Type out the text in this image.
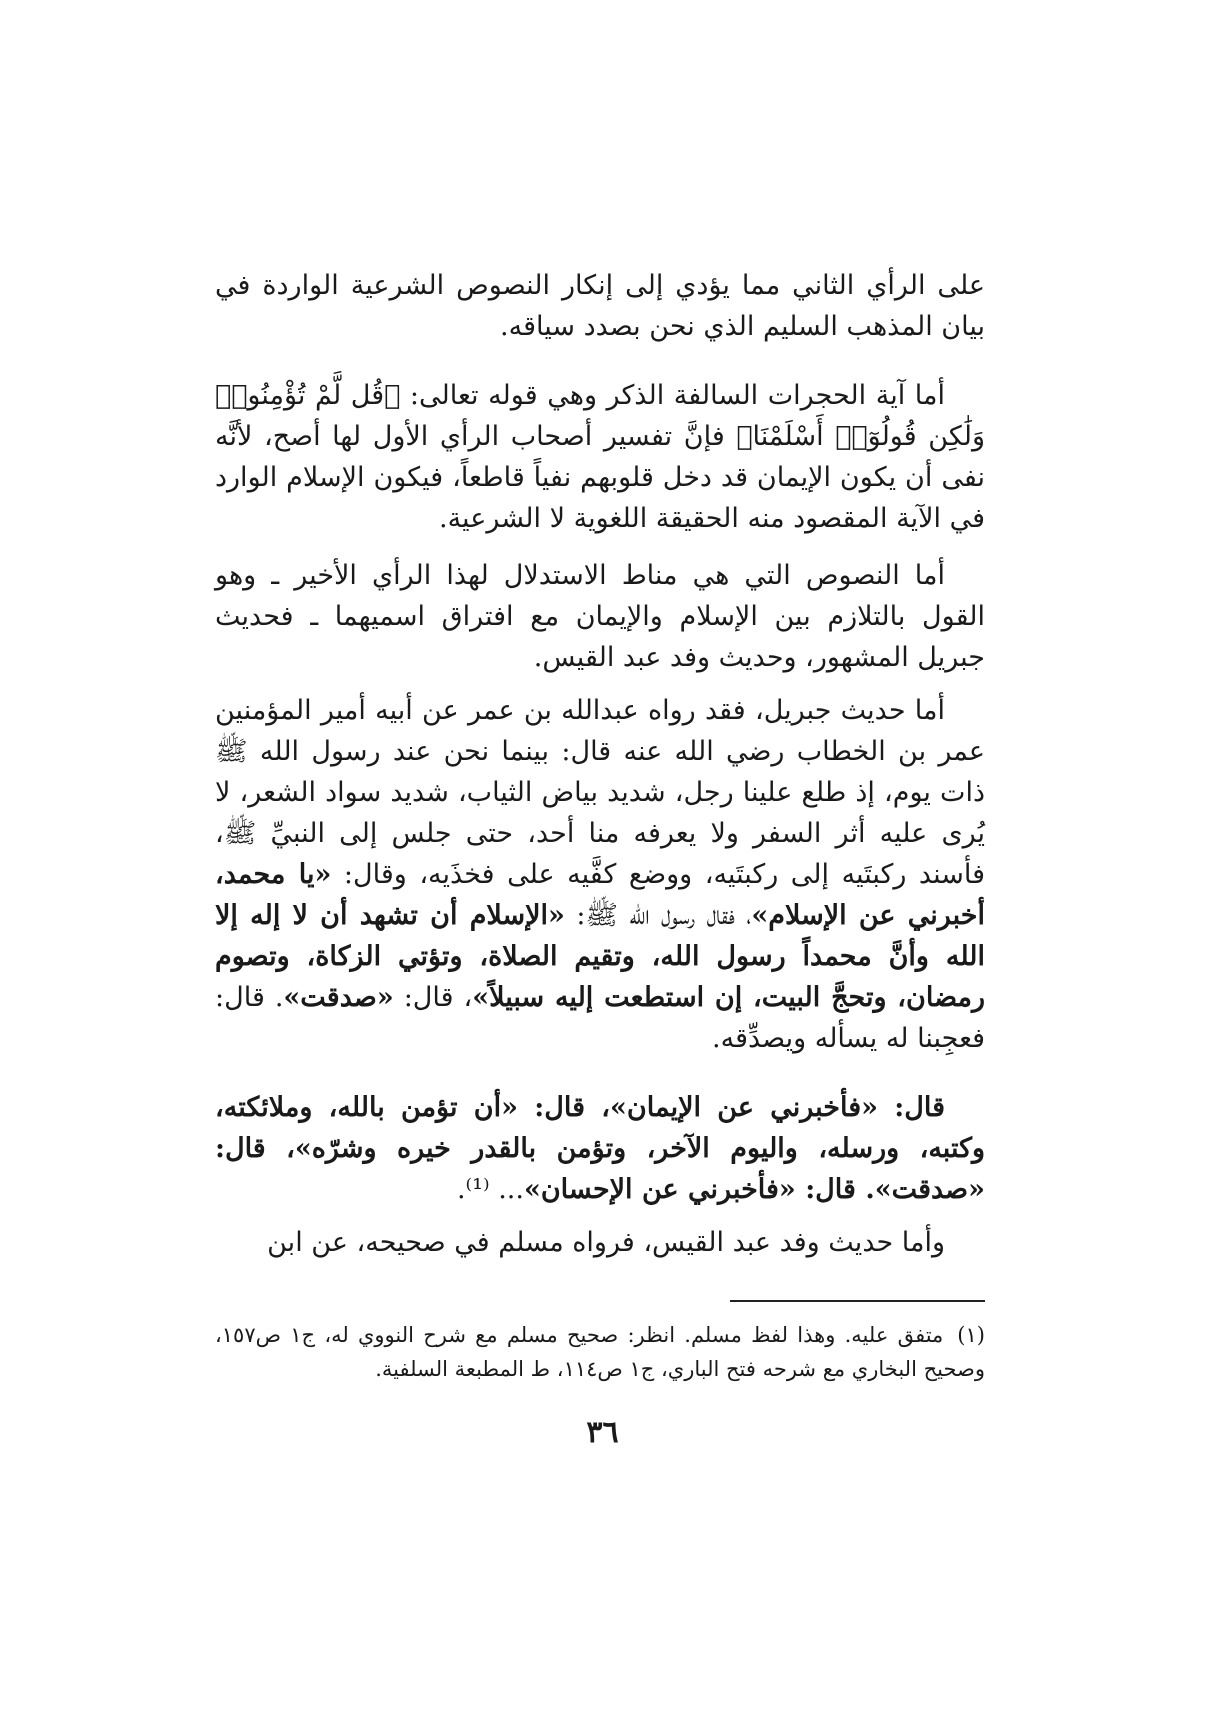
على الرأي الثاني مما يؤدي إلى إنكار النصوص الشرعية الواردة في بيان المذهب السليم الذي نحن بصدد سياقه.

أما آية الحجرات السالفة الذكر وهي قوله تعالى: ﴿قُل لَّمْ تُؤْمِنُوا۟ وَلَٰكِن قُولُوٓا۟ أَسْلَمْنَا﴾ فإنَّ تفسير أصحاب الرأي الأول لها أصح، لأنَّه نفى أن يكون الإيمان قد دخل قلوبهم نفياً قاطعاً، فيكون الإسلام الوارد في الآية المقصود منه الحقيقة اللغوية لا الشرعية.

أما النصوص التي هي مناط الاستدلال لهذا الرأي الأخير ـ وهو القول بالتلازم بين الإسلام والإيمان مع افتراق اسميهما ـ فحديث جبريل المشهور، وحديث وفد عبد القيس.

أما حديث جبريل، فقد رواه عبدالله بن عمر عن أبيه أمير المؤمنين عمر بن الخطاب رضي الله عنه قال: بينما نحن عند رسول الله ﷺ ذات يوم، إذ طلع علينا رجل، شديد بياض الثياب، شديد سواد الشعر، لا يُرى عليه أثر السفر ولا يعرفه منا أحد، حتى جلس إلى النبيِّ ﷺ، فأسند ركبتَيه إلى ركبتَيه، ووضع كفَّيه على فخذَيه، وقال: «يا محمد، أخبرني عن الإسلام»، فقال رسول الله ﷺ: «الإسلام أن تشهد أن لا إله إلا الله وأنَّ محمداً رسول الله، وتقيم الصلاة، وتؤتي الزكاة، وتصوم رمضان، وتحجَّ البيت، إن استطعت إليه سبيلاً»، قال: «صدقت». قال: فعجِبنا له يسأله ويصدِّقه.

قال: «فأخبرني عن الإيمان»، قال: «أن تؤمن بالله، وملائكته، وكتبه، ورسله، واليوم الآخر، وتؤمن بالقدر خيره وشرّه»، قال: «صدقت». قال: «فأخبرني عن الإحسان»... ⁽¹⁾.

وأما حديث وفد عبد القيس، فرواه مسلم في صحيحه، عن ابن

(١)متفق عليه. وهذا لفظ مسلم. انظر: صحيح مسلم مع شرح النووي له، ج١ ص١٥٧، وصحيح البخاري مع شرحه فتح الباري، ج١ ص١١٤، ط المطبعة السلفية.
٣٦
